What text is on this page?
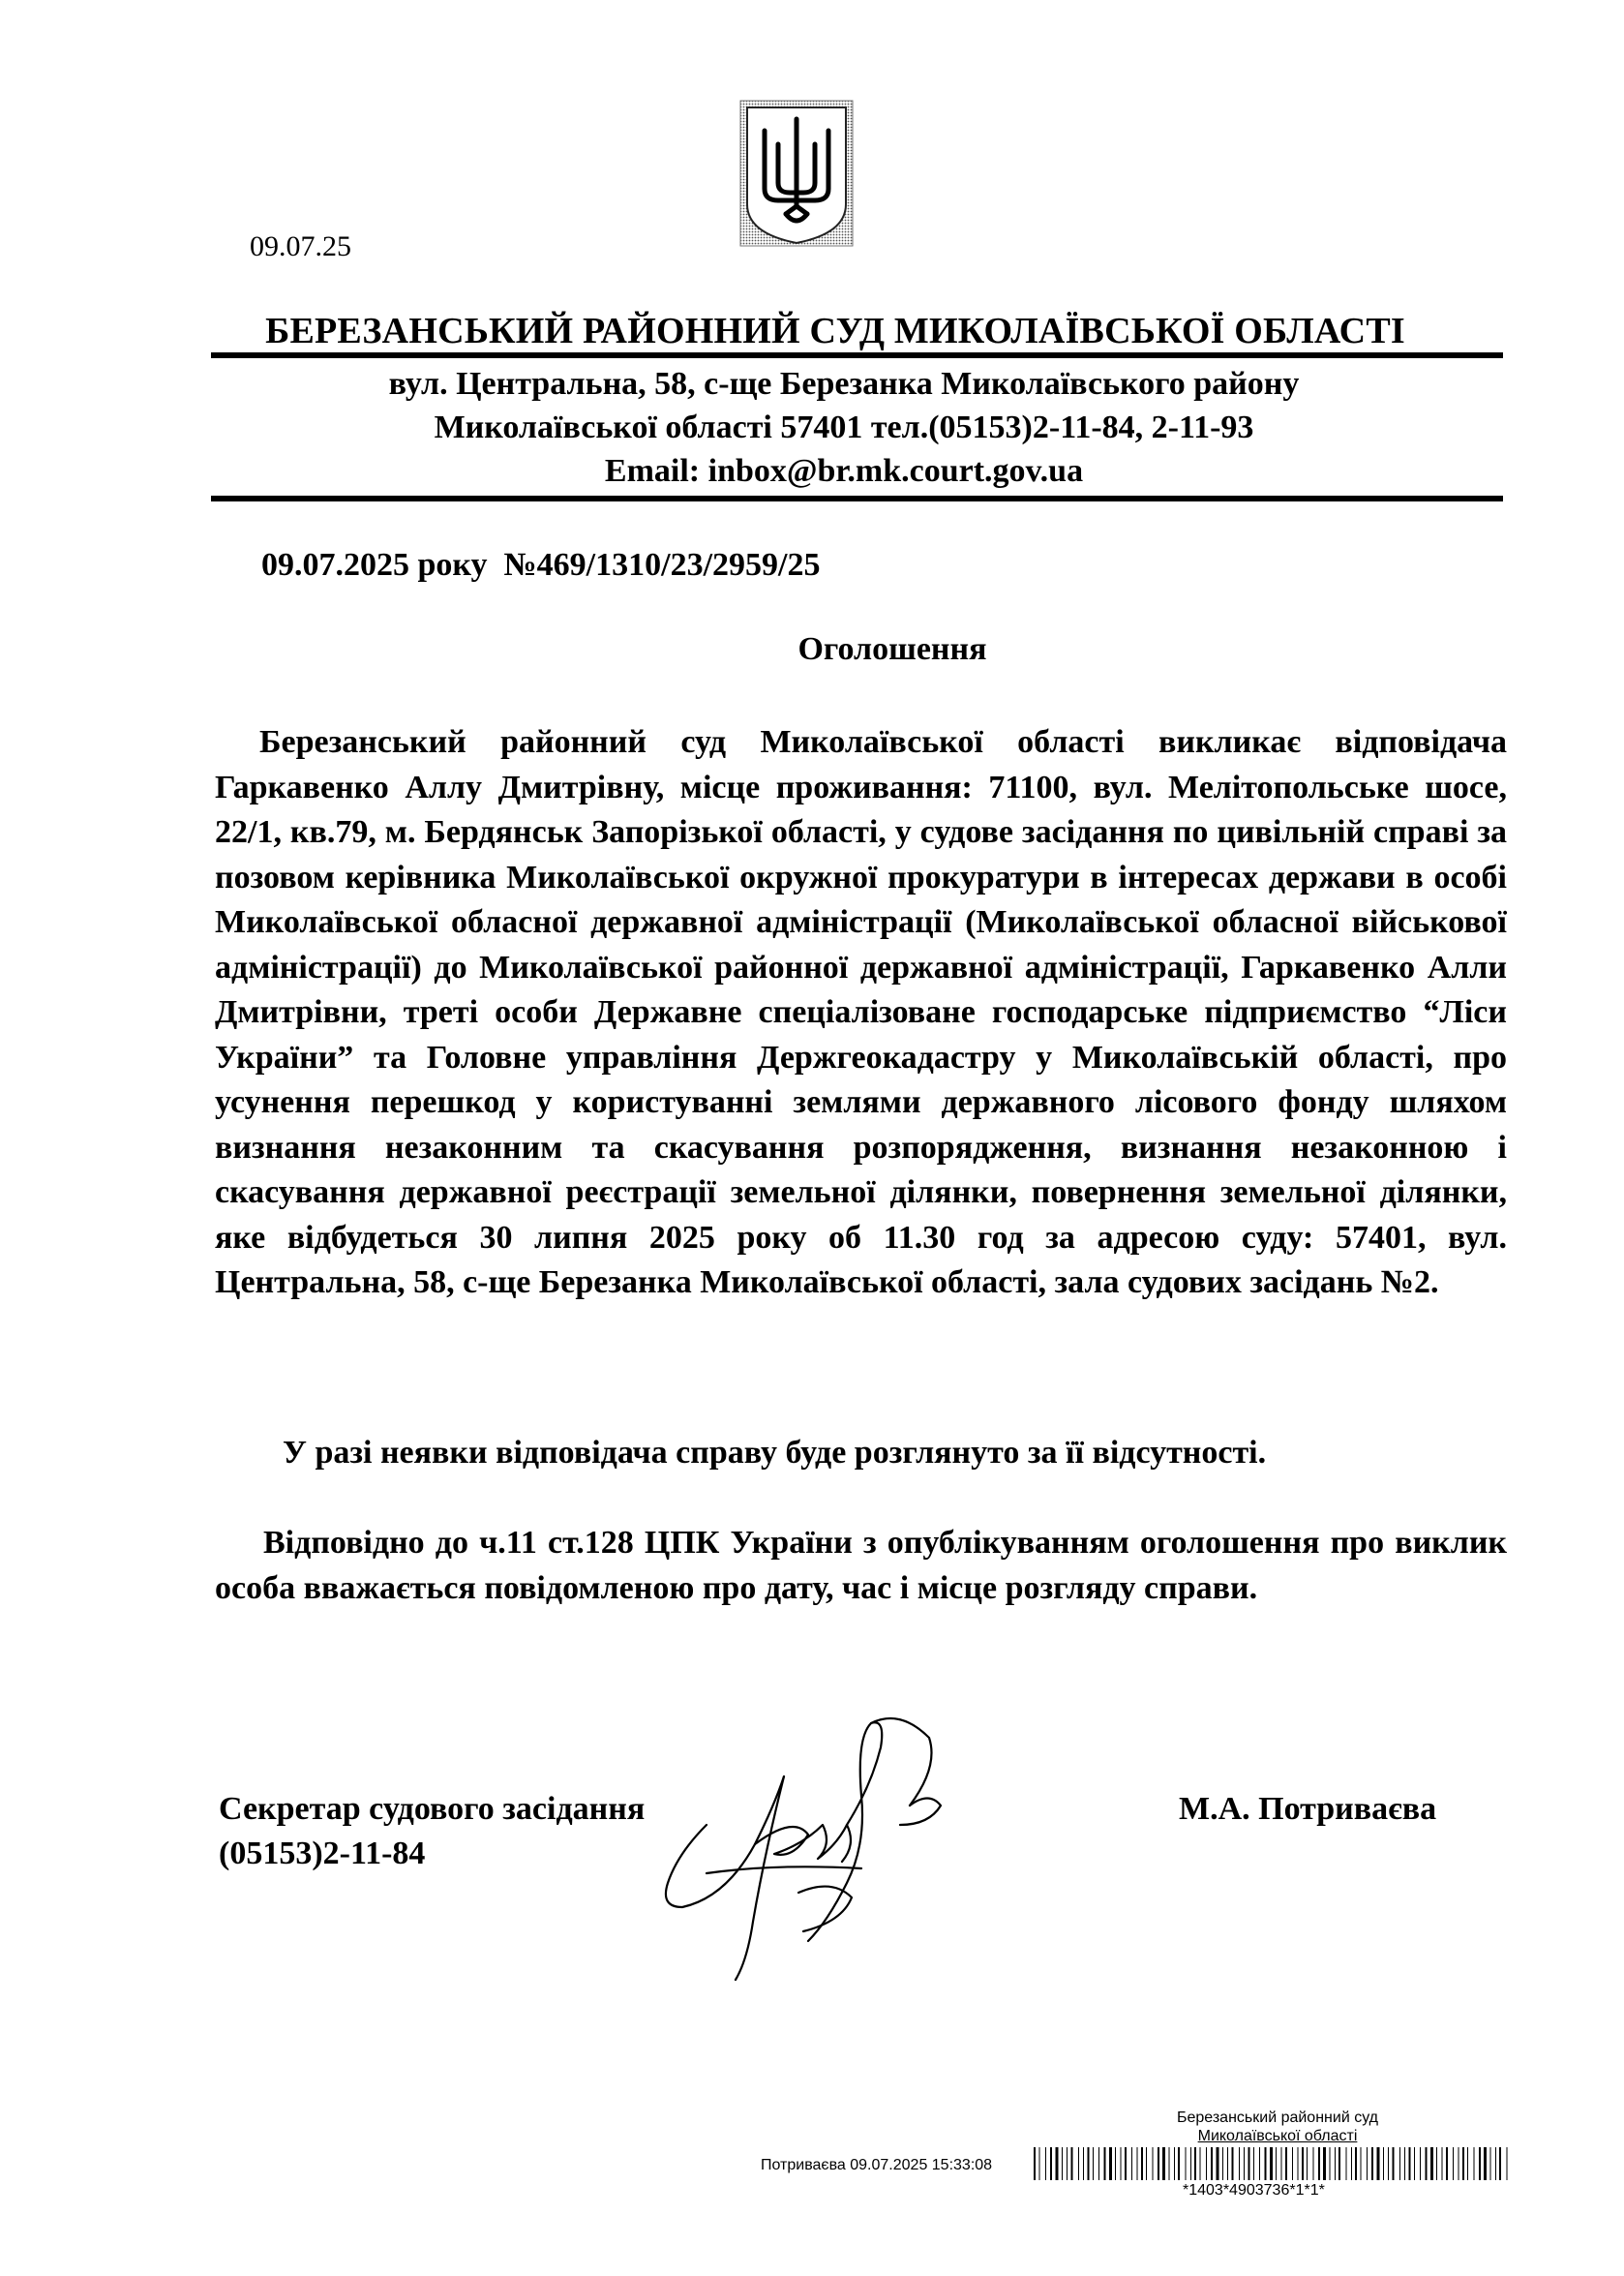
09.07.25
БЕРЕЗАНСЬКИЙ РАЙОННИЙ СУД МИКОЛАЇВСЬКОЇ ОБЛАСТІ
вул. Центральна, 58, с-ще Березанка Миколаївського району
Миколаївської області 57401 тел.(05153)2-11-84, 2-11-93
Email: inbox@br.mk.court.gov.ua
09.07.2025 року  №469/1310/23/2959/25
Оголошення

Березанський районний суд Миколаївської області викликає відповідача Гаркавенко Аллу Дмитрівну, місце проживання: 71100, вул. Мелітопольське шосе, 22/1, кв.79, м. Бердянськ Запорізької області, у судове засідання по цивільній справі за позовом керівника Миколаївської окружної прокуратури в інтересах держави в особі Миколаївської обласної державної адміністрації (Миколаївської обласної військової адміністрації) до Миколаївської районної державної адміністрації, Гаркавенко Алли Дмитрівни, треті особи Державне спеціалізоване господарське підприємство “Ліси України” та Головне управління Держгеокадастру у Миколаївській області, про усунення перешкод у користуванні землями державного лісового фонду шляхом визнання незаконним та скасування розпорядження, визнання незаконною і скасування державної реєстрації земельної ділянки, повернення земельної ділянки, яке відбудеться 30 липня 2025 року об 11.30 год за адресою суду: 57401, вул. Центральна, 58, с-ще Березанка Миколаївської області, зала судових засідань №2.

У разі неявки відповідача справу буде розглянуто за її відсутності.

Відповідно до ч.11 ст.128 ЦПК України з опублікуванням оголошення про виклик особа вважається повідомленою про дату, час і місце розгляду справи.

Секретар судового засідання
(05153)2-11-84
М.А. Потриваєва
Березанський районний суд
Миколаївської області
Потриваєва 09.07.2025 15:33:08
*1403*4903736*1*1*
